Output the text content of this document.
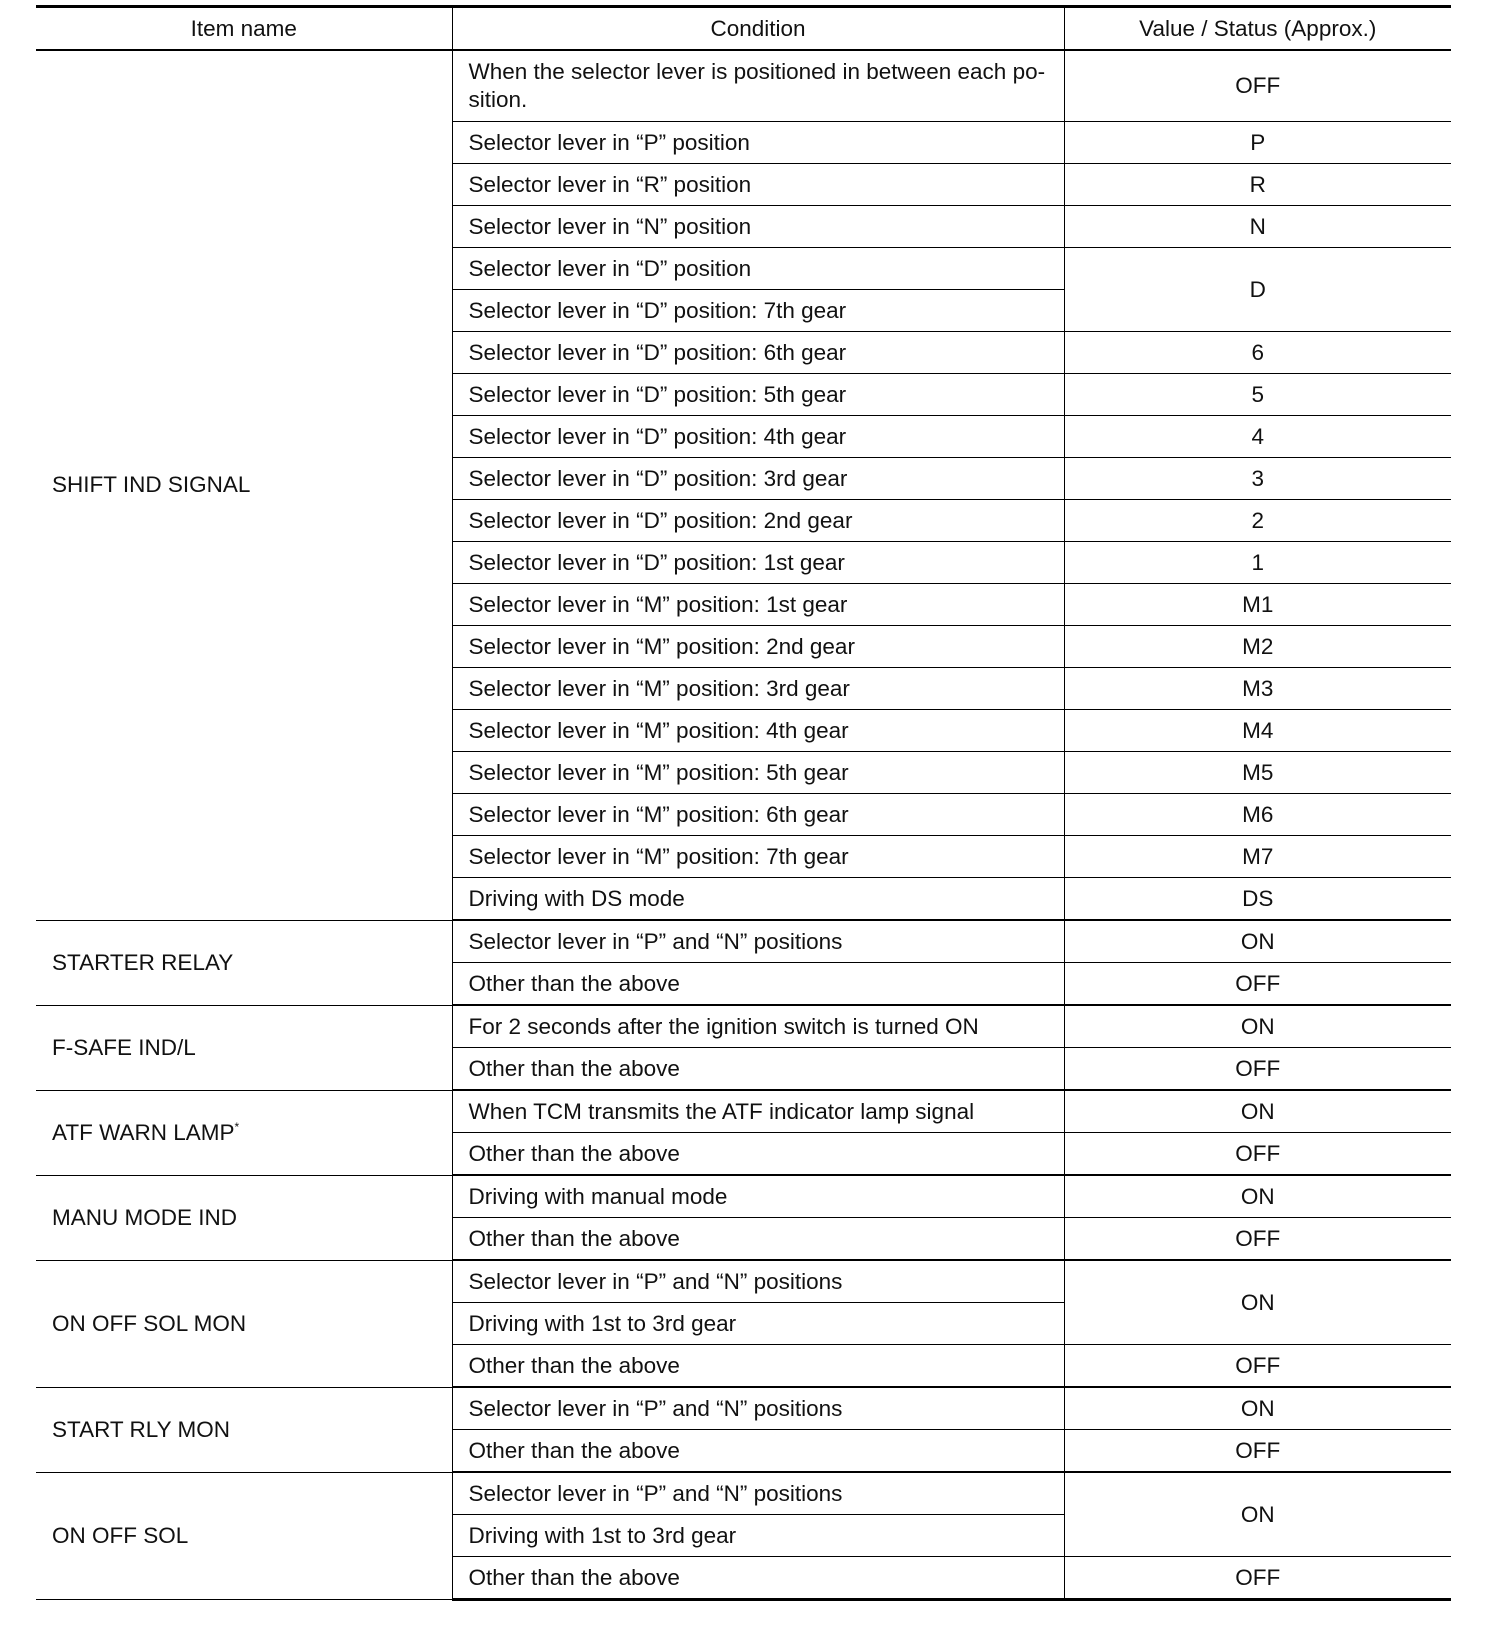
Item name	Condition	Value / Status (Approx.)
SHIFT IND SIGNAL	When the selector lever is positioned in between each po-sition.	OFF
	Selector lever in “P” position	P
	Selector lever in “R” position	R
	Selector lever in “N” position	N
	Selector lever in “D” position	D
	Selector lever in “D” position: 7th gear	
	Selector lever in “D” position: 6th gear	6
	Selector lever in “D” position: 5th gear	5
	Selector lever in “D” position: 4th gear	4
	Selector lever in “D” position: 3rd gear	3
	Selector lever in “D” position: 2nd gear	2
	Selector lever in “D” position: 1st gear	1
	Selector lever in “M” position: 1st gear	M1
	Selector lever in “M” position: 2nd gear	M2
	Selector lever in “M” position: 3rd gear	M3
	Selector lever in “M” position: 4th gear	M4
	Selector lever in “M” position: 5th gear	M5
	Selector lever in “M” position: 6th gear	M6
	Selector lever in “M” position: 7th gear	M7
	Driving with DS mode	DS
STARTER RELAY	Selector lever in “P” and “N” positions	ON
	Other than the above	OFF
F-SAFE IND/L	For 2 seconds after the ignition switch is turned ON	ON
	Other than the above	OFF
ATF WARN LAMP*	When TCM transmits the ATF indicator lamp signal	ON
	Other than the above	OFF
MANU MODE IND	Driving with manual mode	ON
	Other than the above	OFF
ON OFF SOL MON	Selector lever in “P” and “N” positions	ON
	Driving with 1st to 3rd gear	
	Other than the above	OFF
START RLY MON	Selector lever in “P” and “N” positions	ON
	Other than the above	OFF
ON OFF SOL	Selector lever in “P” and “N” positions	ON
	Driving with 1st to 3rd gear	
	Other than the above	OFF
